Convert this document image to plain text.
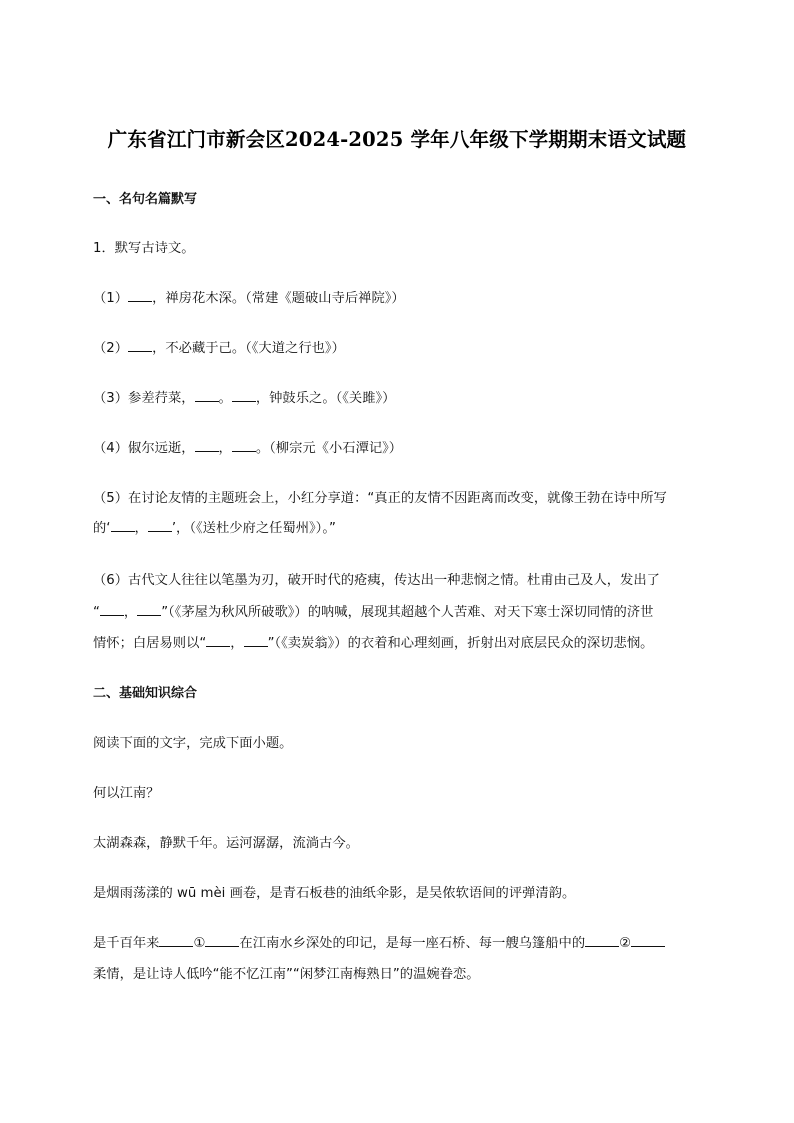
广东省江门市新会区2024-2025 学年八年级下学期期末语文试题
一、名句名篇默写
1．默写古诗文。
（1） ，禅房花木深。（常建《题破山寺后禅院》）
（2） ，不必藏于己。（《大道之行也》）
（3）参差荇菜， 。 ，钟鼓乐之。（《关雎》）
（4）俶尔远逝， ， 。（柳宗元《小石潭记》）
（5）在讨论友情的主题班会上，小红分享道：“真正的友情不因距离而改变，就像王勃在诗中所写
的‘ ， ’，（《送杜少府之任蜀州》）。”
（6）古代文人往往以笔墨为刃，破开时代的疮痍，传达出一种悲悯之情。杜甫由己及人，发出了
“ ， ”（《茅屋为秋风所破歌》）的呐喊，展现其超越个人苦难、对天下寒士深切同情的济世
情怀；白居易则以“ ， ”（《卖炭翁》）的衣着和心理刻画，折射出对底层民众的深切悲悯。
二、基础知识综合
阅读下面的文字，完成下面小题。
何以江南？
太湖森森，静默千年。运河潺潺，流淌古今。
是烟雨荡漾的 wū mèi 画卷，是青石板巷的油纸伞影，是吴侬软语间的评弹清韵。
是千百年来	①	在江南水乡深处的印记，是每一座石桥、每一艘乌篷船中的	②
柔情，是让诗人低吟“能不忆江南”“闲梦江南梅熟日”的温婉眷恋。
